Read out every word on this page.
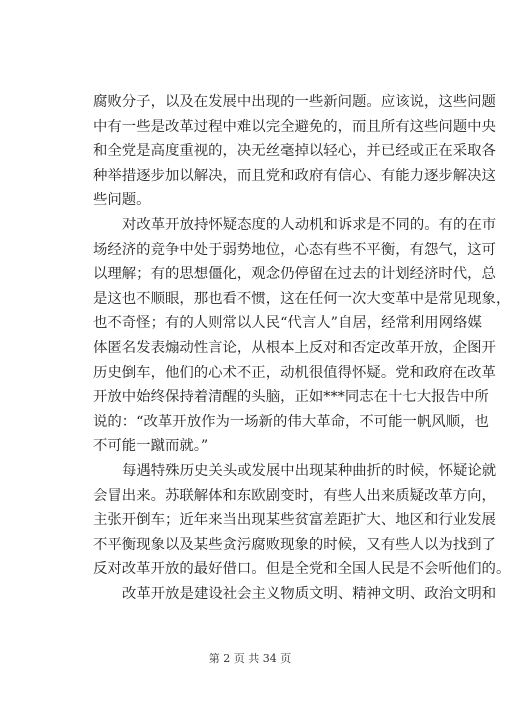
腐败分子，以及在发展中出现的一些新问题。应该说，这些问题
中有一些是改革过程中难以完全避免的，而且所有这些问题中央
和全党是高度重视的，决无丝毫掉以轻心，并已经或正在采取各
种举措逐步加以解决，而且党和政府有信心、有能力逐步解决这
些问题。
对改革开放持怀疑态度的人动机和诉求是不同的。有的在市
场经济的竞争中处于弱势地位，心态有些不平衡，有怨气，这可
以理解；有的思想僵化，观念仍停留在过去的计划经济时代，总
是这也不顺眼，那也看不惯，这在任何一次大变革中是常见现象，
也不奇怪；有的人则常以人民“代言人”自居，经常利用网络媒
体匿名发表煽动性言论，从根本上反对和否定改革开放，企图开
历史倒车，他们的心术不正，动机很值得怀疑。党和政府在改革
开放中始终保持着清醒的头脑，正如***同志在十七大报告中所
说的：“改革开放作为一场新的伟大革命，不可能一帆风顺，也
不可能一蹴而就。”
每遇特殊历史关头或发展中出现某种曲折的时候，怀疑论就
会冒出来。苏联解体和东欧剧变时，有些人出来质疑改革方向，
主张开倒车；近年来当出现某些贫富差距扩大、地区和行业发展
不平衡现象以及某些贪污腐败现象的时候，又有些人以为找到了
反对改革开放的最好借口。但是全党和全国人民是不会听他们的。
改革开放是建设社会主义物质文明、精神文明、政治文明和
第 2 页 共 34 页
